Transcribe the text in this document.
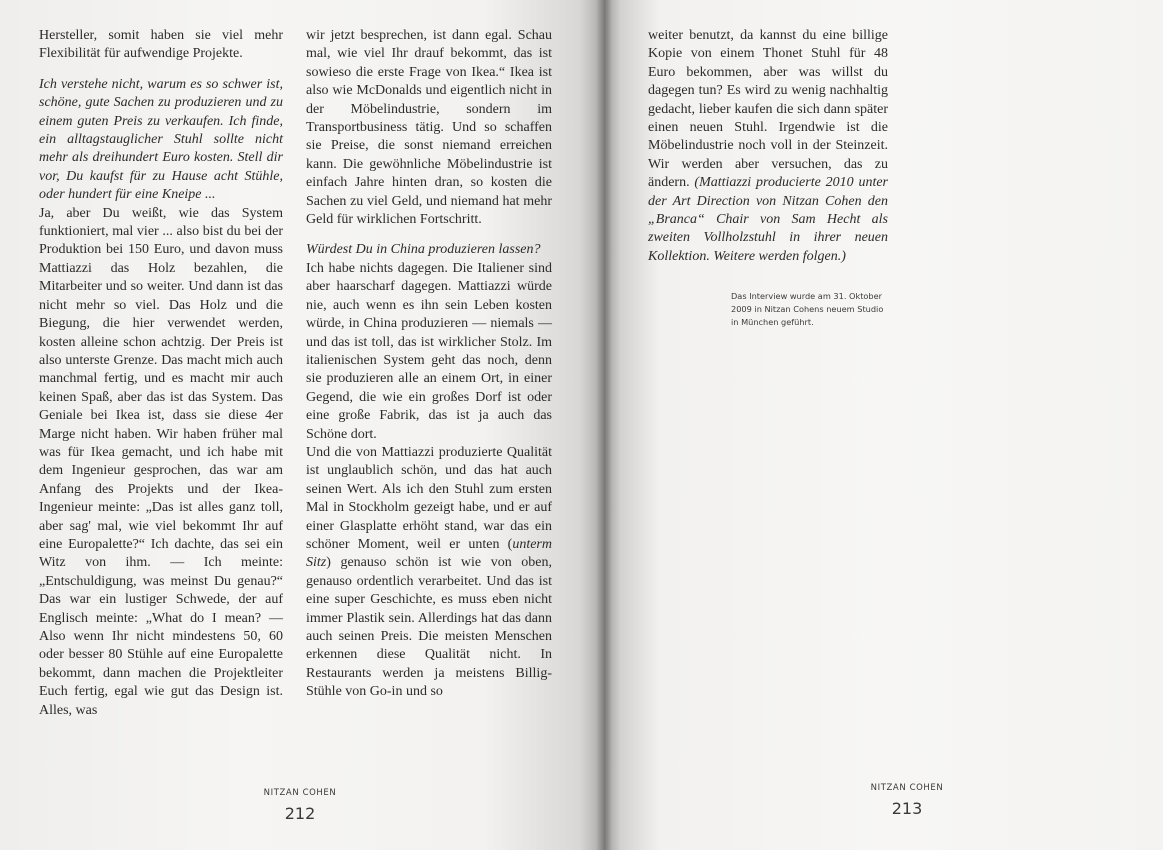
Hersteller, somit haben sie viel mehr Flexibilität für aufwendige Projekte.

Ich verstehe nicht, warum es so schwer ist, schöne, gute Sachen zu produzieren und zu einem guten Preis zu verkaufen. Ich finde, ein alltagstauglicher Stuhl sollte nicht mehr als dreihundert Euro kosten. Stell dir vor, Du kaufst für zu Hause acht Stühle, oder hundert für eine Kneipe ...

Ja, aber Du weißt, wie das System funktioniert, mal vier ... also bist du bei der Produktion bei 150 Euro, und davon muss Mattiazzi das Holz bezahlen, die Mitarbeiter und so weiter. Und dann ist das nicht mehr so viel. Das Holz und die Biegung, die hier verwendet werden, kosten alleine schon achtzig. Der Preis ist also unterste Grenze. Das macht mich auch manchmal fertig, und es macht mir auch keinen Spaß, aber das ist das System. Das Geniale bei Ikea ist, dass sie diese 4er Marge nicht haben. Wir haben früher mal was für Ikea gemacht, und ich habe mit dem Ingenieur gesprochen, das war am Anfang des Projekts und der Ikea-Ingenieur meinte: „Das ist alles ganz toll, aber sag' mal, wie viel bekommt Ihr auf eine Europalette?“ Ich dachte, das sei ein Witz von ihm. — Ich meinte: „Entschuldigung, was meinst Du genau?“ Das war ein lustiger Schwede, der auf Englisch meinte: „What do I mean? — Also wenn Ihr nicht mindestens 50, 60 oder besser 80 Stühle auf eine Europalette bekommt, dann machen die Projektleiter Euch fertig, egal wie gut das Design ist. Alles, was

wir jetzt besprechen, ist dann egal. Schau mal, wie viel Ihr drauf bekommt, das ist sowieso die erste Frage von Ikea.“ Ikea ist also wie McDonalds und eigentlich nicht in der Möbelindustrie, sondern im Transportbusiness tätig. Und so schaffen sie Preise, die sonst niemand erreichen kann. Die gewöhnliche Möbelindustrie ist einfach Jahre hinten dran, so kosten die Sachen zu viel Geld, und niemand hat mehr Geld für wirklichen Fortschritt.

Würdest Du in China produzieren lassen?

Ich habe nichts dagegen. Die Italiener sind aber haarscharf dagegen. Mattiazzi würde nie, auch wenn es ihn sein Leben kosten würde, in China produzieren — niemals — und das ist toll, das ist wirklicher Stolz. Im italienischen System geht das noch, denn sie produzieren alle an einem Ort, in einer Gegend, die wie ein großes Dorf ist oder eine große Fabrik, das ist ja auch das Schöne dort.

Und die von Mattiazzi produzierte Qualität ist unglaublich schön, und das hat auch seinen Wert. Als ich den Stuhl zum ersten Mal in Stockholm gezeigt habe, und er auf einer Glasplatte erhöht stand, war das ein schöner Moment, weil er unten (unterm Sitz) genauso schön ist wie von oben, genauso ordentlich verarbeitet. Und das ist eine super Geschichte, es muss eben nicht immer Plastik sein. Allerdings hat das dann auch seinen Preis. Die meisten Menschen erkennen diese Qualität nicht. In Restaurants werden ja meistens Billig-Stühle von Go-in und so

NITZAN COHEN
212

weiter benutzt, da kannst du eine billige Kopie von einem Thonet Stuhl für 48 Euro bekommen, aber was willst du dagegen tun? Es wird zu wenig nachhaltig gedacht, lieber kaufen die sich dann später einen neuen Stuhl. Irgendwie ist die Möbelindustrie noch voll in der Steinzeit. Wir werden aber versuchen, das zu ändern. (Mattiazzi producierte 2010 unter der Art Direction von Nitzan Cohen den „Branca“ Chair von Sam Hecht als zweiten Vollholzstuhl in ihrer neuen Kollektion. Weitere werden folgen.)

Das Interview wurde am 31. Oktober 2009 in Nitzan Cohens neuem Studio in München geführt.
NITZAN COHEN
213
